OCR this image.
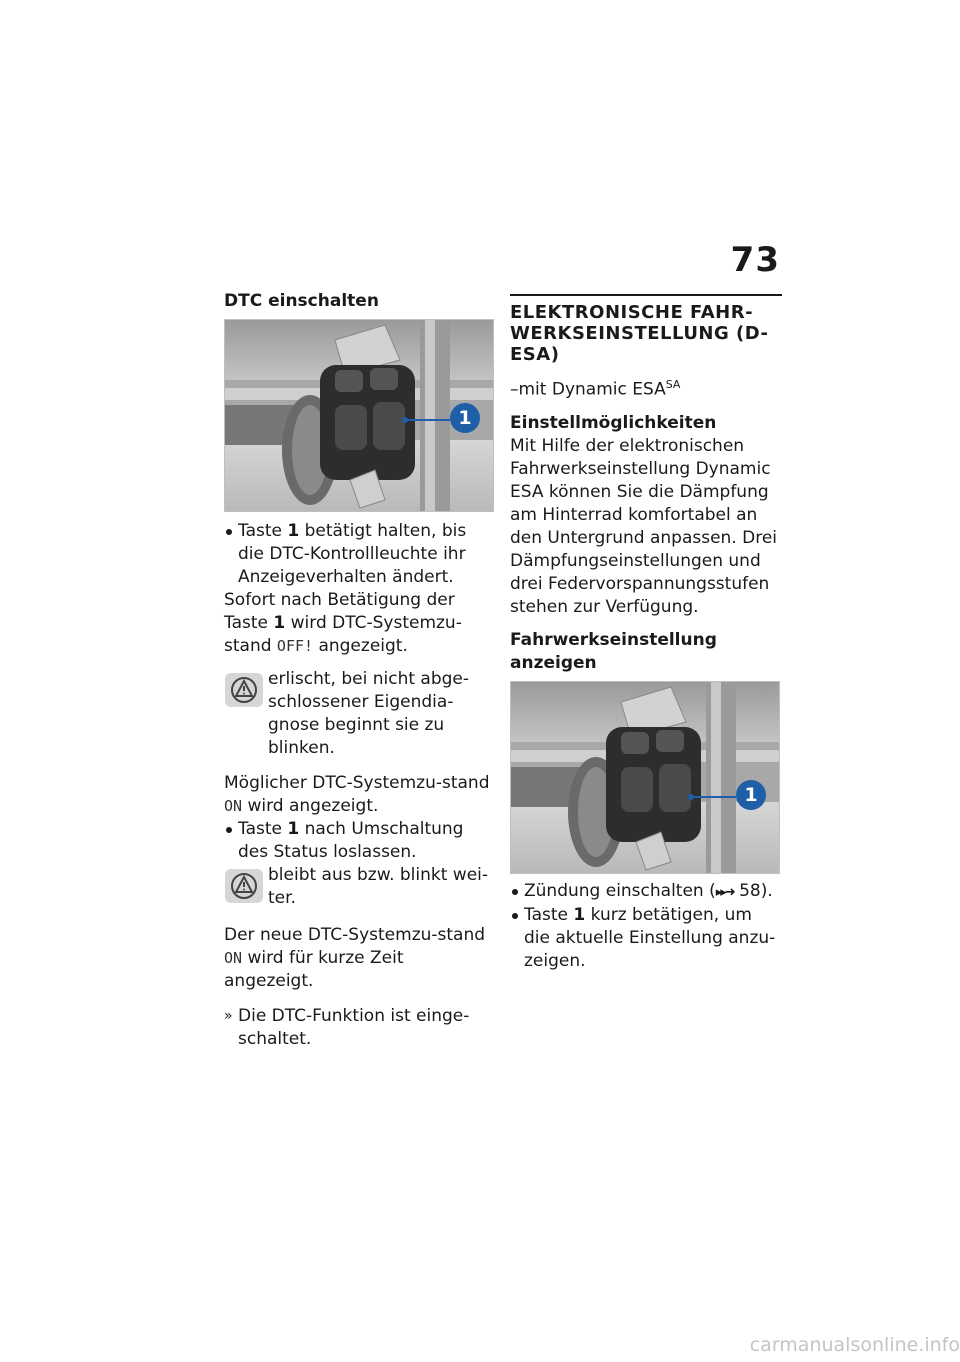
73
DTC einschalten
1
Taste 1 betätigt halten, bis die DTC-Kontrollleuchte ihr Anzeigeverhalten ändert.
Sofort nach Betätigung der Taste 1 wird DTC-Systemzu-stand OFF! angezeigt.
erlischt, bei nicht abge-schlossener Eigendia-gnose beginnt sie zu blinken.
Möglicher DTC-Systemzu-stand ON wird angezeigt.
Taste 1 nach Umschaltung des Status loslassen.
bleibt aus bzw. blinkt wei-ter.
Der neue DTC-Systemzu-stand ON wird für kurze Zeit angezeigt.
» Die DTC-Funktion ist einge-schaltet.
ELEKTRONISCHE FAHR-WERKSEINSTELLUNG (D-ESA)
–mit Dynamic $ESA^{SA}$
Einstellmöglichkeiten
Mit Hilfe der elektronischen Fahrwerkseinstellung Dynamic ESA können Sie die Dämpfung am Hinterrad komfortabel an den Untergrund anpassen. Drei Dämpfungseinstellungen und drei Federvorspannungsstufen stehen zur Verfügung.
Fahrwerkseinstellung anzeigen
1
Zündung einschalten (▸▸➜ 58).
Taste 1 kurz betätigen, um die aktuelle Einstellung anzu-zeigen.
carmanualsonline.info
